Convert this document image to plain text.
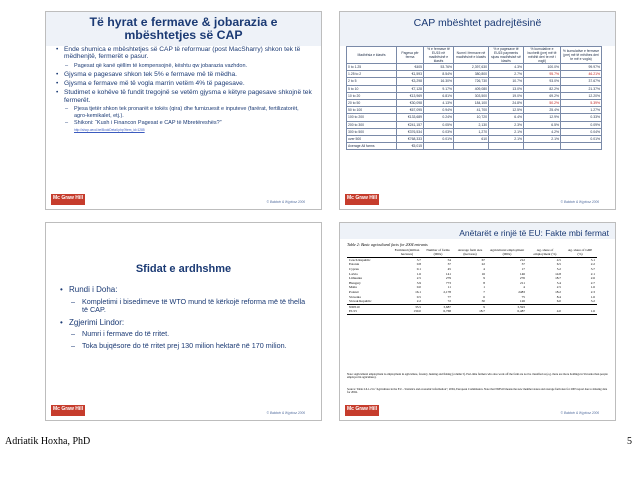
Të hyrat e fermave & jobarazia e mbështetjes së CAP
• Ende shumica e mbështetjes së CAP të reformuar (post MacSharry) shkon tek të mëdhenjtë, fermerët e pasur.
– Pagesat që kanë qëllim të kompensojnë, kështu qw jobarazia vazhdon.
• Gjysma e pagesave shkon tek 5% e fermave më të mëdha.
• Gjysma e fermave më të vogla marrin vetëm 4% të pagesave.
• Studimet e kohëve të fundit tregojnë se vetëm gjysma e këtyre pagesave shkojnë tek fermerët.
– Pjesa tjetër shkon tek pronarët e tokës (qira) dhe furnizuesit e inputeve (farërat, fertilizatorët, agro-kemikalet, etj.).
– Shikoni: “Kush i Financon Pagesat e CAP të Mbretëreshës?”
http://shop.oecd.be/BookDetail.php?item_id=1285
Mc Graw Hill
© Baldwin & Wyplosz 2006
CAP mbështet padrejtësinë
Madhësia e klasës	Pagesa për ferma	% e fermave të EU15 në madhësinë e klasës	Numri i fermave në madhësinë e klasës	% e pagesave të EU15 payments sipas madhësisë së klasës	% kumulative e buxhetit (prej më të mëdhit deri te më i vogli)	% kumulative e fermave (prej më të mëdhes deri te më e vogla)
0 to 1.25	€405	53.76%	2,397,630	4.3%	100.0%	99.97%
1.25 to 2	€1,593	8.54%	380,800	2.7%	95.7%	46.21%
2 to 5	€3,298	16.30%	726,730	10.7%	93.0%	37.67%
5 to 10	€7,128	9.17%	409,080	13.0%	82.2%	21.37%
10 to 20	€13,969	6.81%	303,500	19.0%	69.2%	12.20%
20 to 50	€30,098	4.13%	184,100	24.8%	50.2%	5.39%
50 to 100	€67,095	0.94%	41,700	12.5%	25.4%	1.27%
100 to 200	€133,689	0.24%	10,720	6.4%	12.9%	0.33%
200 to 300	€241,157	0.05%	2,130	2.3%	6.5%	0.09%
300 to 500	€376,534	0.03%	1,270	2.1%	4.2%	0.04%
over 500	€768,333	0.01%	610	2.1%	2.1%	0.01%
Average All farms	€5,015					
Mc Graw Hill
© Baldwin & Wyplosz 2006
Sfidat e ardhshme
• Rundi i Doha:
– Kompletimi i bisedimeve të WTO mund të kërkojë reforma më të thella të CAP.
• Zgjerimi Lindor:
– Numri i fermave do të rritet.
– Toka bujqësore do të rritet prej 130 milion hektarë në 170 milion.
Mc Graw Hill
© Baldwin & Wyplosz 2006
Anëtarët e rinjë të EU: Fakte mbi fermat
Table 2: Basic agricultural facts for 2004 entrants
	Farmland (million hectares)	Number of farms (000s)	Average farm size (hectares)	Agricultural employment (000s)	Ag. share of employment (%)	Ag. share of GDP (%)
Czech Republic	3.7	54	67	212	4.5	3.1
Estonia	0.8	37	22	37	6.5	2.2
Cyprus	0.1	45	4	17	5.2	3.7
Latvia	1.6	141	16	146	14.8	2.1
Lithuania	2.5	279	9	276	18.7	2.6
Hungary	3.9	773	8	211	5.4	2.7
Malta	0.0	11	1	4	2.5	1.6
Poland	16.1	2,178	7	2483	18.2	2.3
Slovenia	0.5	77	6	75	8.4	1.6
Slovak Republic	2.2	72	30	126	6.0	3.2
NMS10	33.5	3,687	9	3,593		
EU15	130.0	6,768	18.7	6,487	4.0	1.6
Note: Agricultural employment is employment in agriculture, forestry, hunting and fishing (column 5). Part-time farmers who also work off the farm are not be classified as (e.g. there are more holdings in Slovenia than people employed in agriculture).
Source: Table 2.6.1.2 in “Agriculture in the EU – Statistics and economic information”, 2004, European Commission. Note that NMS10 means the new member states and average farm size for 2003 report due to missing data for 2004.
Mc Graw Hill
© Baldwin & Wyplosz 2006
Adriatik Hoxha, PhD	5
